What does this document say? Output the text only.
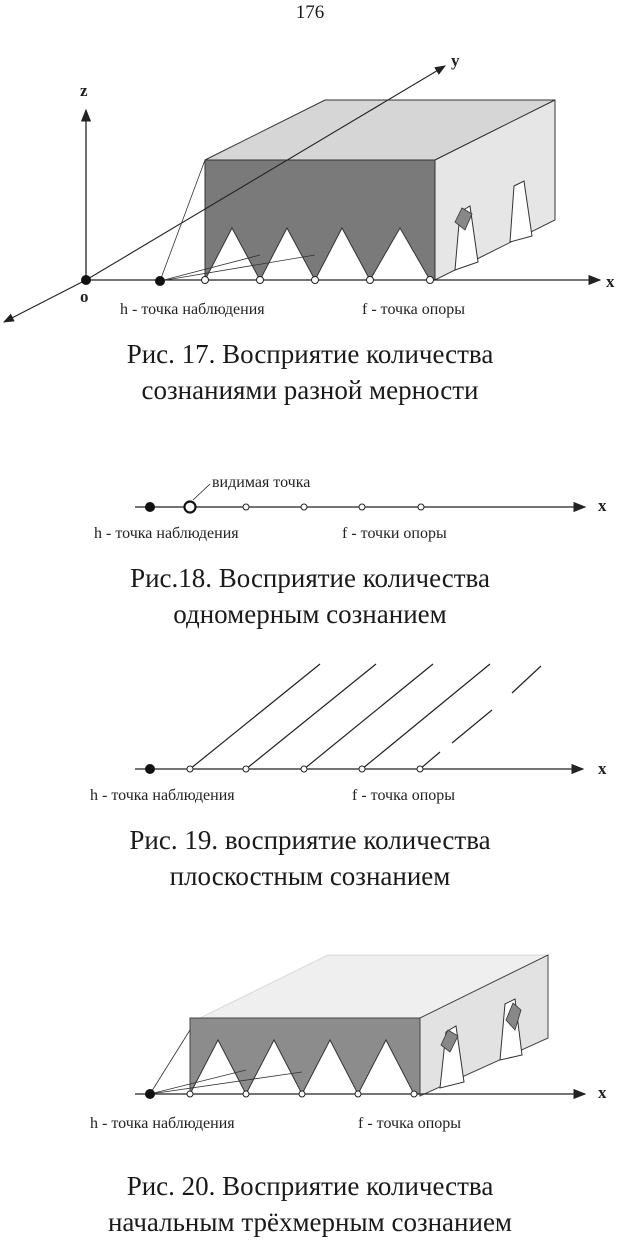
176
z
y
x
o
h - точка наблюдения	f - точка опоры
Рис. 17. Восприятие количества
сознаниями разной мерности
видимая точка
x
h - точка наблюдения	f - точки опоры
Рис.18. Восприятие количества
одномерным сознанием
x
h - точка наблюдения	f - точка опоры
Рис. 19. восприятие количества
плоскостным сознанием
x
h - точка наблюдения	f - точка опоры
Рис. 20. Восприятие количества
начальным трёхмерным сознанием
